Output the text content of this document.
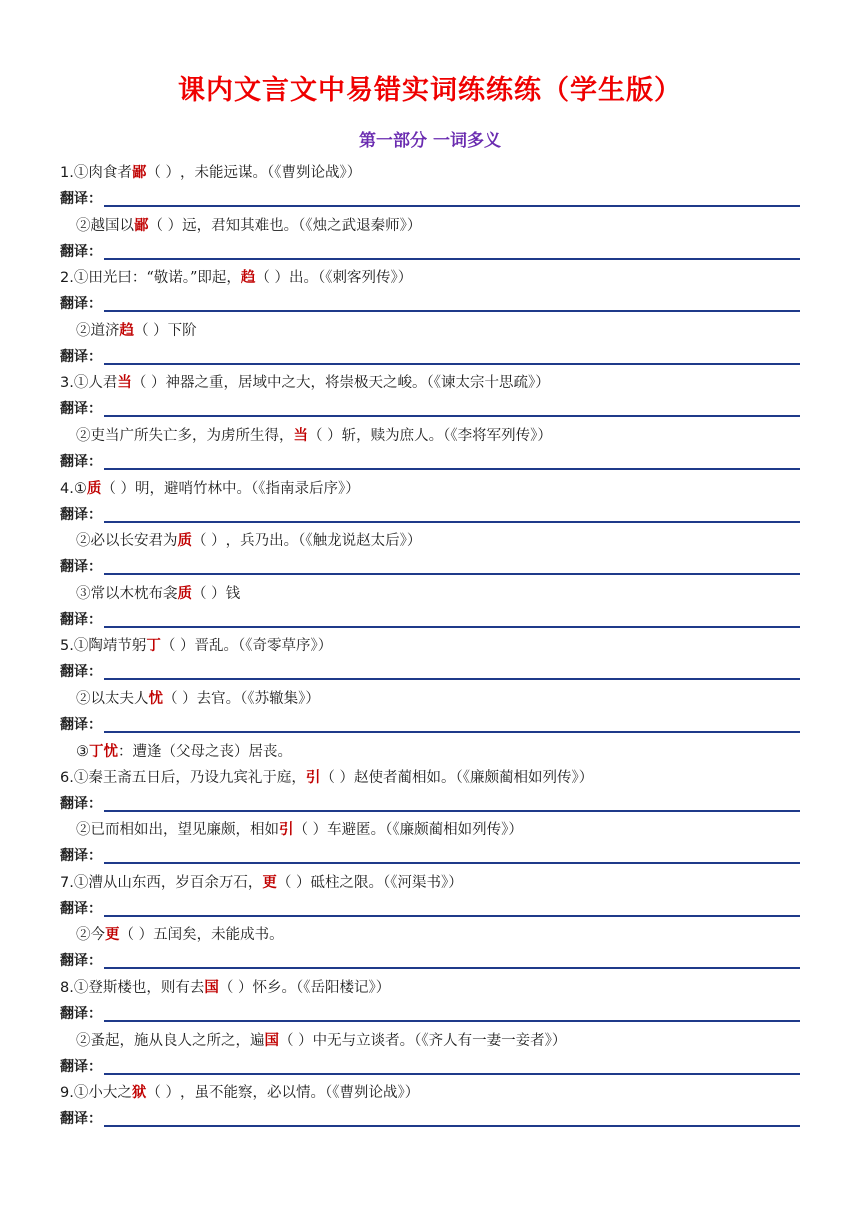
课内文言文中易错实词练练练（学生版）
第一部分 一词多义
1.①肉食者鄙（ ），未能远谋。（《曹刿论战》）
翻译：
②越国以鄙（ ）远，君知其难也。（《烛之武退秦师》）
翻译：
2.①田光曰：“敬诺。”即起，趋（ ）出。（《刺客列传》）
翻译：
②道济趋（ ）下阶
翻译：
3.①人君当（ ）神器之重，居域中之大，将崇极天之峻。（《谏太宗十思疏》）
翻译：
②吏当广所失亡多，为虏所生得，当（ ）斩，赎为庶人。（《李将军列传》）
翻译：
4.①质（ ）明，避哨竹林中。（《指南录后序》）
翻译：
②必以长安君为质（ ），兵乃出。（《触龙说赵太后》）
翻译：
③常以木枕布衾质（ ）钱
翻译：
5.①陶靖节躬丁（ ）晋乱。（《奇零草序》）
翻译：
②以太夫人忧（ ）去官。（《苏辙集》）
翻译：
③丁忧：遭逢（父母之丧）居丧。
6.①秦王斋五日后，乃设九宾礼于庭，引（ ）赵使者蔺相如。（《廉颇蔺相如列传》）
翻译：
②已而相如出，望见廉颇，相如引（ ）车避匿。（《廉颇蔺相如列传》）
翻译：
7.①漕从山东西，岁百余万石，更（ ）砥柱之限。（《河渠书》）
翻译：
②今更（ ）五闰矣，未能成书。
翻译：
8.①登斯楼也，则有去国（ ）怀乡。（《岳阳楼记》）
翻译：
②蚤起，施从良人之所之，遍国（ ）中无与立谈者。（《齐人有一妻一妾者》）
翻译：
9.①小大之狱（ ），虽不能察，必以情。（《曹刿论战》）
翻译：
